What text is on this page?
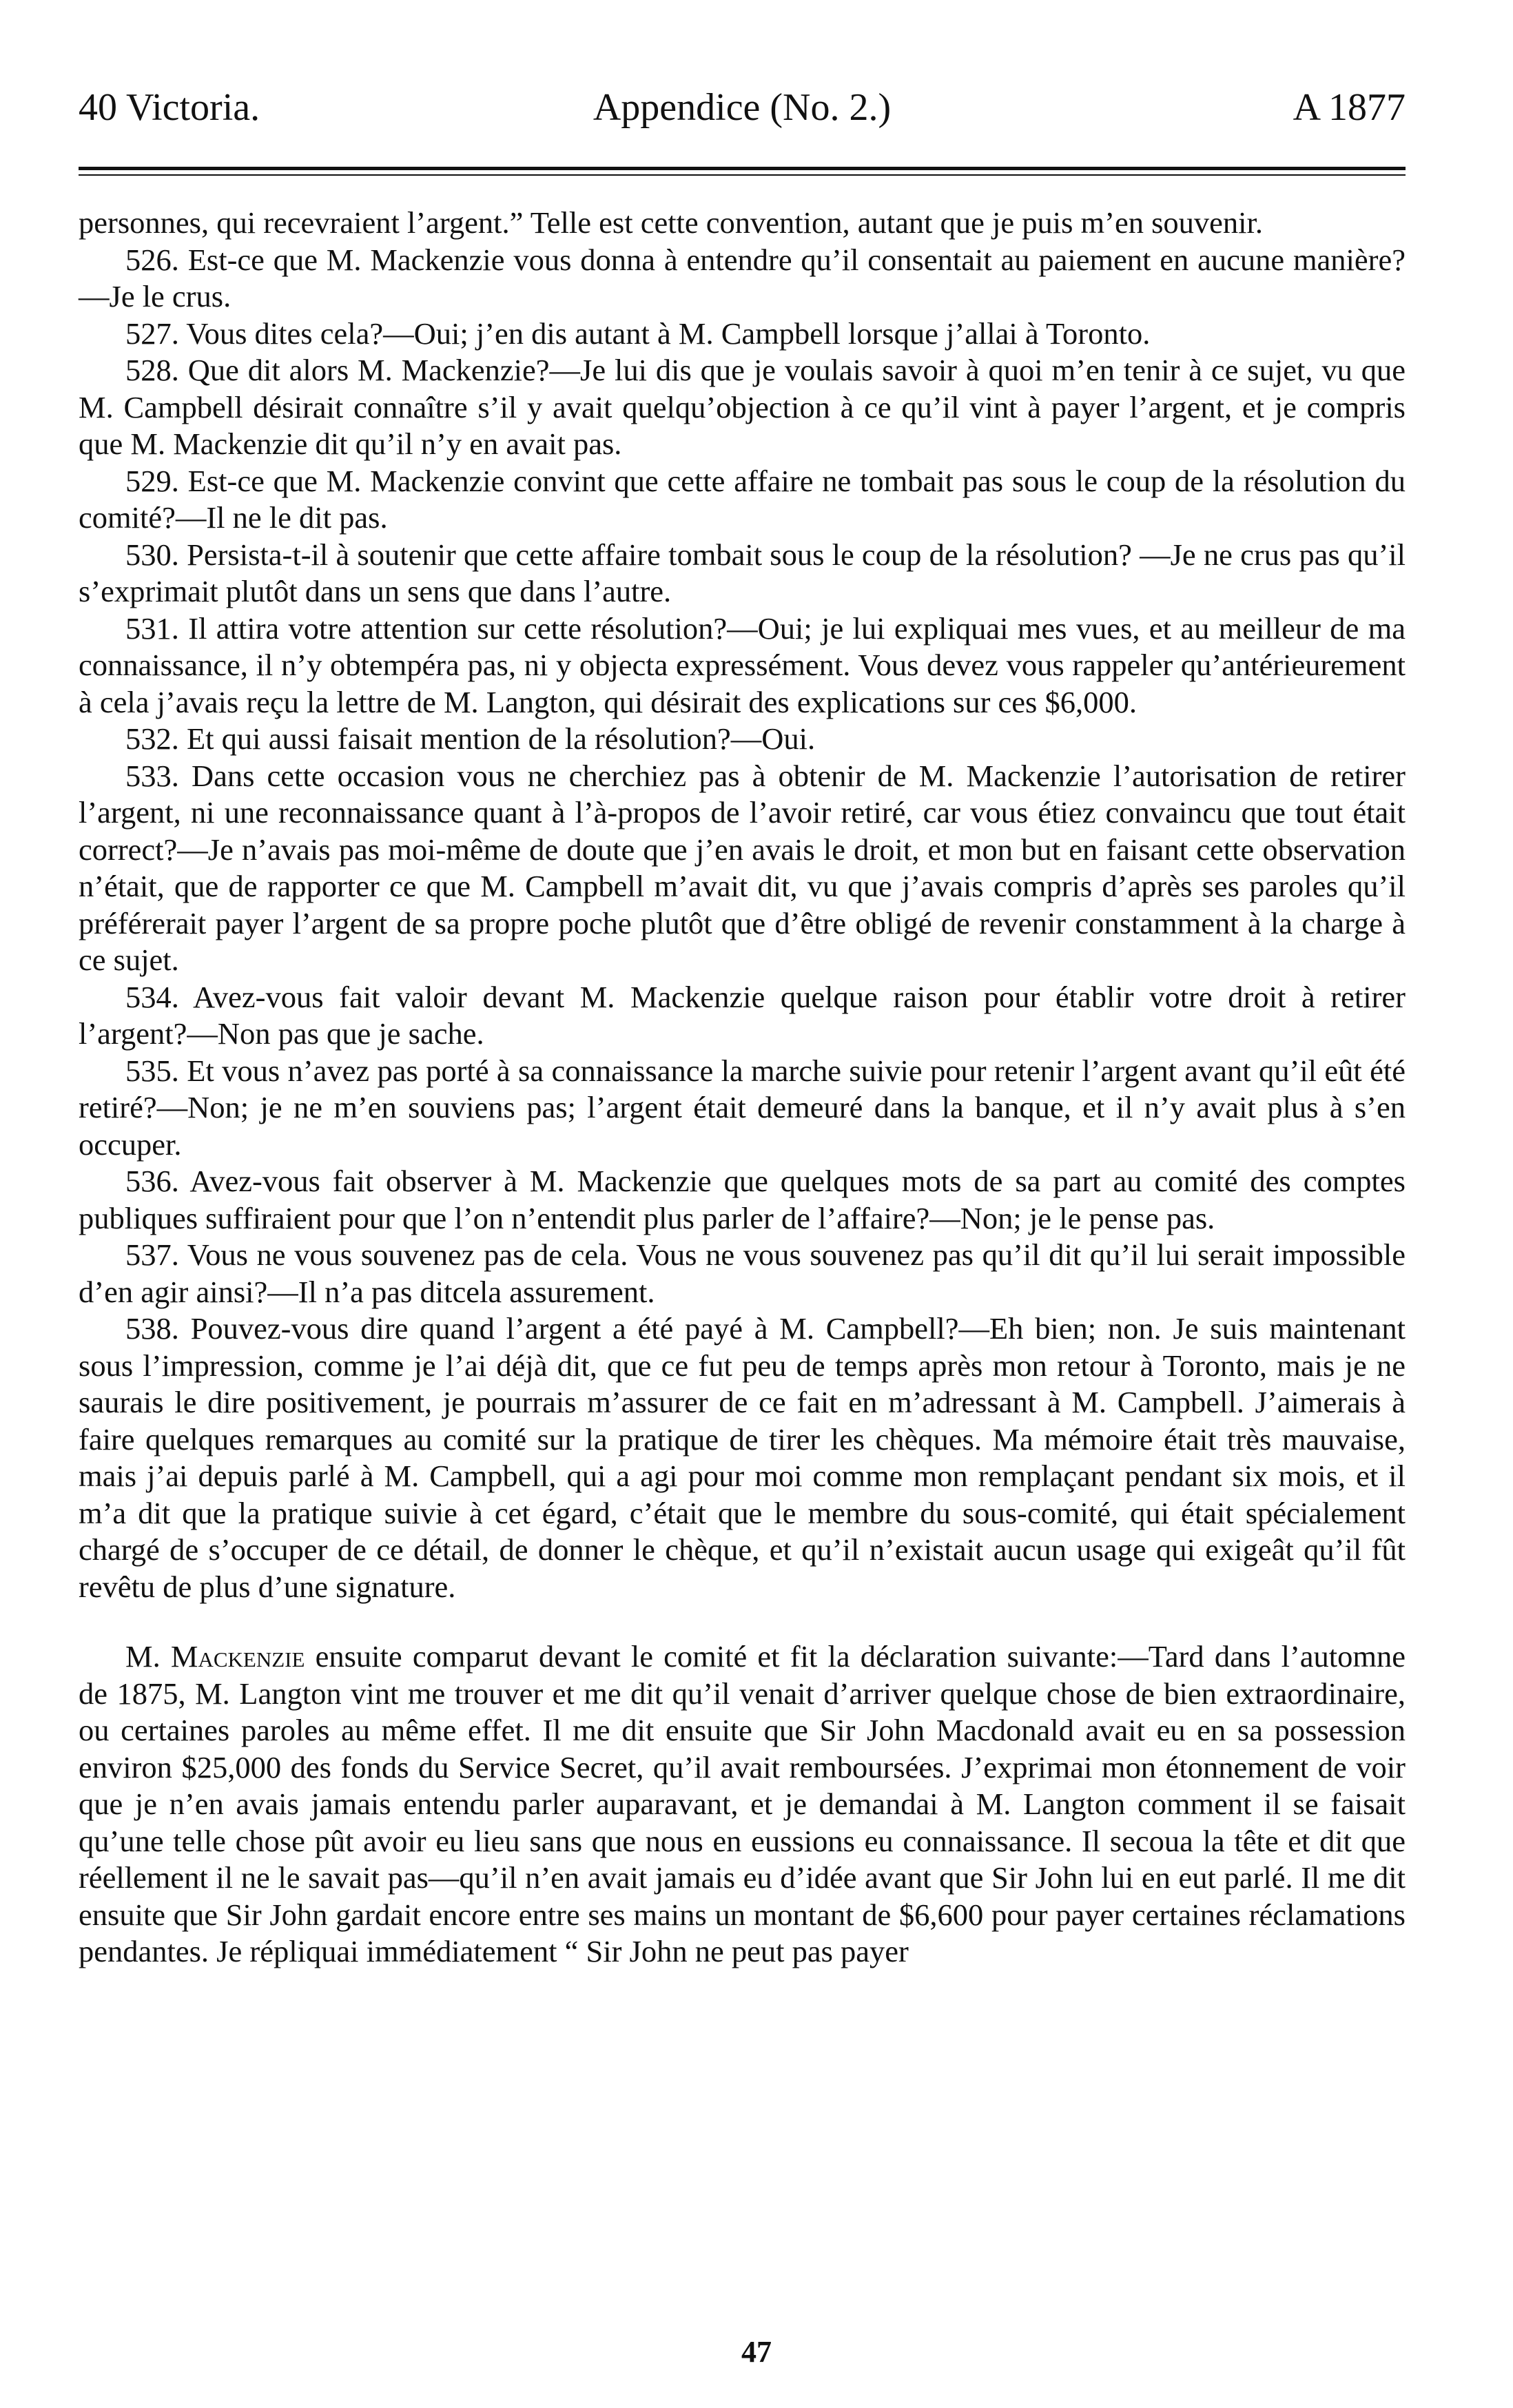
40 Victoria.	Appendice (No. 2.)	A 1877

personnes, qui recevraient l’argent.” Telle est cette convention, autant que je puis m’en souvenir.

526. Est-ce que M. Mackenzie vous donna à entendre qu’il consentait au paiement en aucune manière?—Je le crus.

527. Vous dites cela?—Oui; j’en dis autant à M. Campbell lorsque j’allai à Toronto.

528. Que dit alors M. Mackenzie?—Je lui dis que je voulais savoir à quoi m’en tenir à ce sujet, vu que M. Campbell désirait connaître s’il y avait quelqu’objection à ce qu’il vint à payer l’argent, et je compris que M. Mackenzie dit qu’il n’y en avait pas.

529. Est-ce que M. Mackenzie convint que cette affaire ne tombait pas sous le coup de la résolution du comité?—Il ne le dit pas.

530. Persista-t-il à soutenir que cette affaire tombait sous le coup de la résolution? —Je ne crus pas qu’il s’exprimait plutôt dans un sens que dans l’autre.

531. Il attira votre attention sur cette résolution?—Oui; je lui expliquai mes vues, et au meilleur de ma connaissance, il n’y obtempéra pas, ni y objecta expressément. Vous devez vous rappeler qu’antérieurement à cela j’avais reçu la lettre de M. Langton, qui désirait des explications sur ces $6,000.

532. Et qui aussi faisait mention de la résolution?—Oui.

533. Dans cette occasion vous ne cherchiez pas à obtenir de M. Mackenzie l’autorisation de retirer l’argent, ni une reconnaissance quant à l’à-propos de l’avoir retiré, car vous étiez convaincu que tout était correct?—Je n’avais pas moi-même de doute que j’en avais le droit, et mon but en faisant cette observation n’était, que de rapporter ce que M. Campbell m’avait dit, vu que j’avais compris d’après ses paroles qu’il préférerait payer l’argent de sa propre poche plutôt que d’être obligé de revenir constamment à la charge à ce sujet.

534. Avez-vous fait valoir devant M. Mackenzie quelque raison pour établir votre droit à retirer l’argent?—Non pas que je sache.

535. Et vous n’avez pas porté à sa connaissance la marche suivie pour retenir l’argent avant qu’il eût été retiré?—Non; je ne m’en souviens pas; l’argent était demeuré dans la banque, et il n’y avait plus à s’en occuper.

536. Avez-vous fait observer à M. Mackenzie que quelques mots de sa part au comité des comptes publiques suffiraient pour que l’on n’entendit plus parler de l’affaire?—Non; je le pense pas.

537. Vous ne vous souvenez pas de cela. Vous ne vous souvenez pas qu’il dit qu’il lui serait impossible d’en agir ainsi?—Il n’a pas ditcela assurement.

538. Pouvez-vous dire quand l’argent a été payé à M. Campbell?—Eh bien; non. Je suis maintenant sous l’impression, comme je l’ai déjà dit, que ce fut peu de temps après mon retour à Toronto, mais je ne saurais le dire positivement, je pourrais m’assurer de ce fait en m’adressant à M. Campbell. J’aimerais à faire quelques remarques au comité sur la pratique de tirer les chèques. Ma mémoire était très mauvaise, mais j’ai depuis parlé à M. Campbell, qui a agi pour moi comme mon remplaçant pendant six mois, et il m’a dit que la pratique suivie à cet égard, c’était que le membre du sous-comité, qui était spécialement chargé de s’occuper de ce détail, de donner le chèque, et qu’il n’existait aucun usage qui exigeât qu’il fût revêtu de plus d’une signature.

M. Mackenzie ensuite comparut devant le comité et fit la déclaration suivante:—Tard dans l’automne de 1875, M. Langton vint me trouver et me dit qu’il venait d’arriver quelque chose de bien extraordinaire, ou certaines paroles au même effet. Il me dit ensuite que Sir John Macdonald avait eu en sa possession environ $25,000 des fonds du Service Secret, qu’il avait remboursées. J’exprimai mon étonnement de voir que je n’en avais jamais entendu parler auparavant, et je demandai à M. Langton comment il se faisait qu’une telle chose pût avoir eu lieu sans que nous en eussions eu connaissance. Il secoua la tête et dit que réellement il ne le savait pas—qu’il n’en avait jamais eu d’idée avant que Sir John lui en eut parlé. Il me dit ensuite que Sir John gardait encore entre ses mains un montant de $6,600 pour payer certaines réclamations pendantes. Je répliquai immédiatement “ Sir John ne peut pas payer

47
